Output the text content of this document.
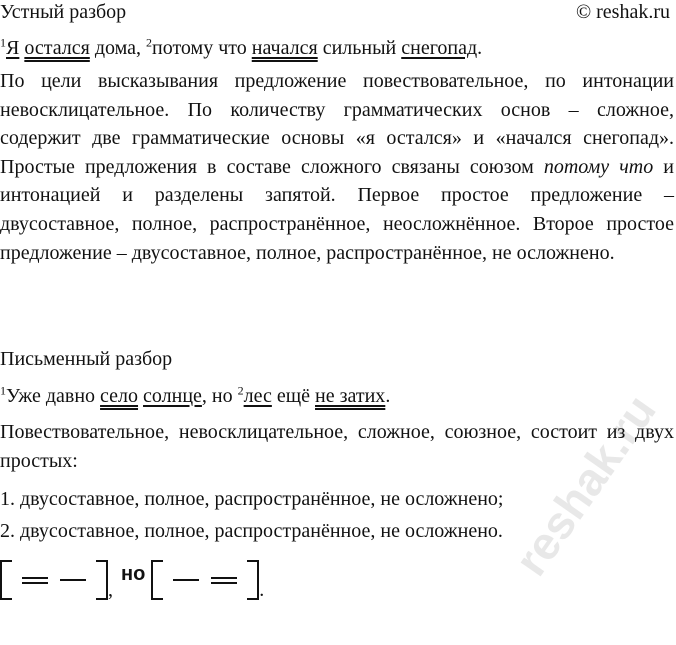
reshak.ru
Устный разбор	© reshak.ru
$^1$Я остался дома, $^2$потому что начался сильный снегопад.

По цели высказывания предложение повествовательное, по интонации невосклицательное. По количеству грамматических основ – сложное, содержит две грамматические основы «я остался» и «начался снегопад». Простые предложения в составе сложного связаны союзом потому что и интонацией и разделены запятой. Первое простое предложение – двусоставное, полное, распространённое, неосложнённое. Второе простое предложение – двусоставное, полное, распространённое, не осложнено.

Письменный разбор
$^1$Уже давно село солнце, но $^2$лес ещё не затих.

Повествовательное, невосклицательное, сложное, союзное, состоит из двух простых:

1. двусоставное, полное, распространённое, не осложнено;
2. двусоставное, полное, распространённое, не осложнено.
,
но
.
